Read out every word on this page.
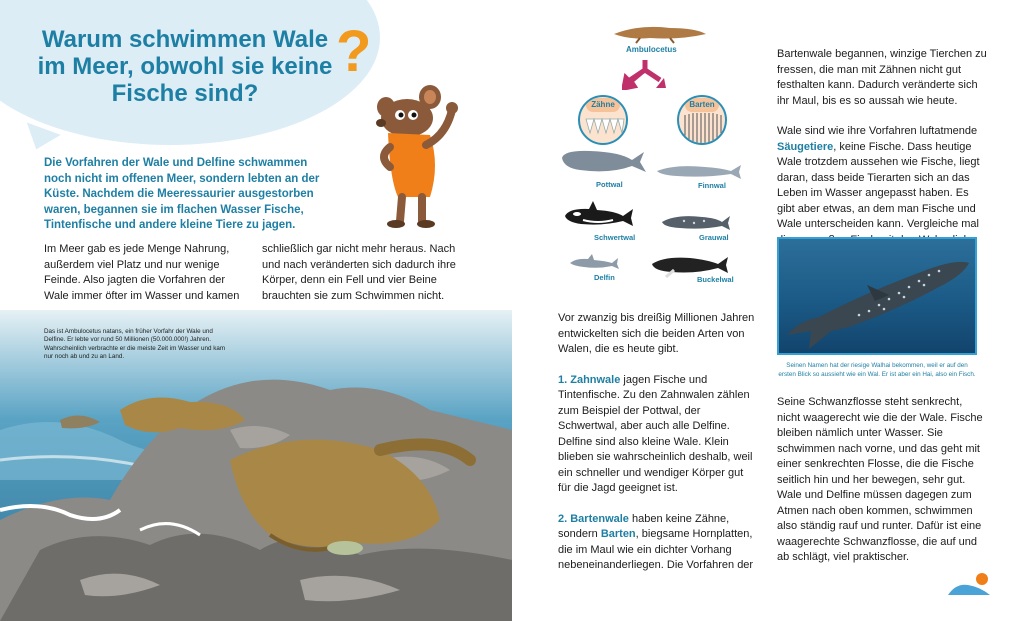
Warum schwimmen Wale im Meer, obwohl sie keine Fische sind?
?
Die Vorfahren der Wale und Delfine schwammen noch nicht im offenen Meer, sondern lebten an der Küste. Nachdem die Meeressaurier ausgestorben waren, begannen sie im flachen Wasser Fische, Tintenfische und andere kleine Tiere zu jagen.
Im Meer gab es jede Menge Nahrung, außerdem viel Platz und nur wenige Feinde. Also jagten die Vorfahren der Wale immer öfter im Wasser und kamen
schließlich gar nicht mehr heraus. Nach und nach veränderten sich dadurch ihre Körper, denn ein Fell und vier Beine brauchten sie zum Schwimmen nicht.
Das ist Ambulocetus natans, ein früher Vorfahr der Wale und Delfine. Er lebte vor rund 50 Millionen (50.000.000!) Jahren. Wahrscheinlich verbrachte er die meiste Zeit im Wasser und kam nur noch ab und zu an Land.
Ambulocetus
Zähne	Barten
Pottwal	Finnwal
Schwertwal	Grauwal
Delfin	Buckelwal

Vor zwanzig bis dreißig Millionen Jahren entwickelten sich die beiden Arten von Walen, die es heute gibt.

1. Zahnwale jagen Fische und Tintenfische. Zu den Zahnwalen zählen zum Beispiel der Pottwal, der Schwertwal, aber auch alle Delfine. Delfine sind also kleine Wale. Klein blieben sie wahrscheinlich deshalb, weil ein schneller und wendiger Körper gut für die Jagd geeignet ist.

2. Bartenwale haben keine Zähne, sondern Barten, biegsame Hornplatten, die im Maul wie ein dichter Vorhang nebeneinanderliegen. Die Vorfahren der

Bartenwale begannen, winzige Tierchen zu fressen, die man mit Zähnen nicht gut festhalten kann. Dadurch veränderte sich ihr Maul, bis es so aussah wie heute.

Wale sind wie ihre Vorfahren luftatmende Säugetiere, keine Fische. Dass heutige Wale trotzdem aussehen wie Fische, liegt daran, dass beide Tierarten sich an das Leben im Wasser angepasst haben. Es gibt aber etwas, an dem man Fische und Wale unterscheiden kann. Vergleiche mal

Seinen Namen hat der riesige Walhai bekommen, weil er auf den ersten Blick so aussieht wie ein Wal. Er ist aber ein Hai, also ein Fisch.
Seine Schwanzflosse steht senkrecht, nicht waagerecht wie die der Wale. Fische bleiben nämlich unter Wasser. Sie schwimmen nach vorne, und das geht mit einer senkrechten Flosse, die die Fische seitlich hin und her bewegen, sehr gut. Wale und Delfine müssen dagegen zum Atmen nach oben kommen, schwimmen also ständig rauf und runter. Dafür ist eine waagerechte Schwanzflosse, die auf und ab schlägt, viel praktischer.
7
